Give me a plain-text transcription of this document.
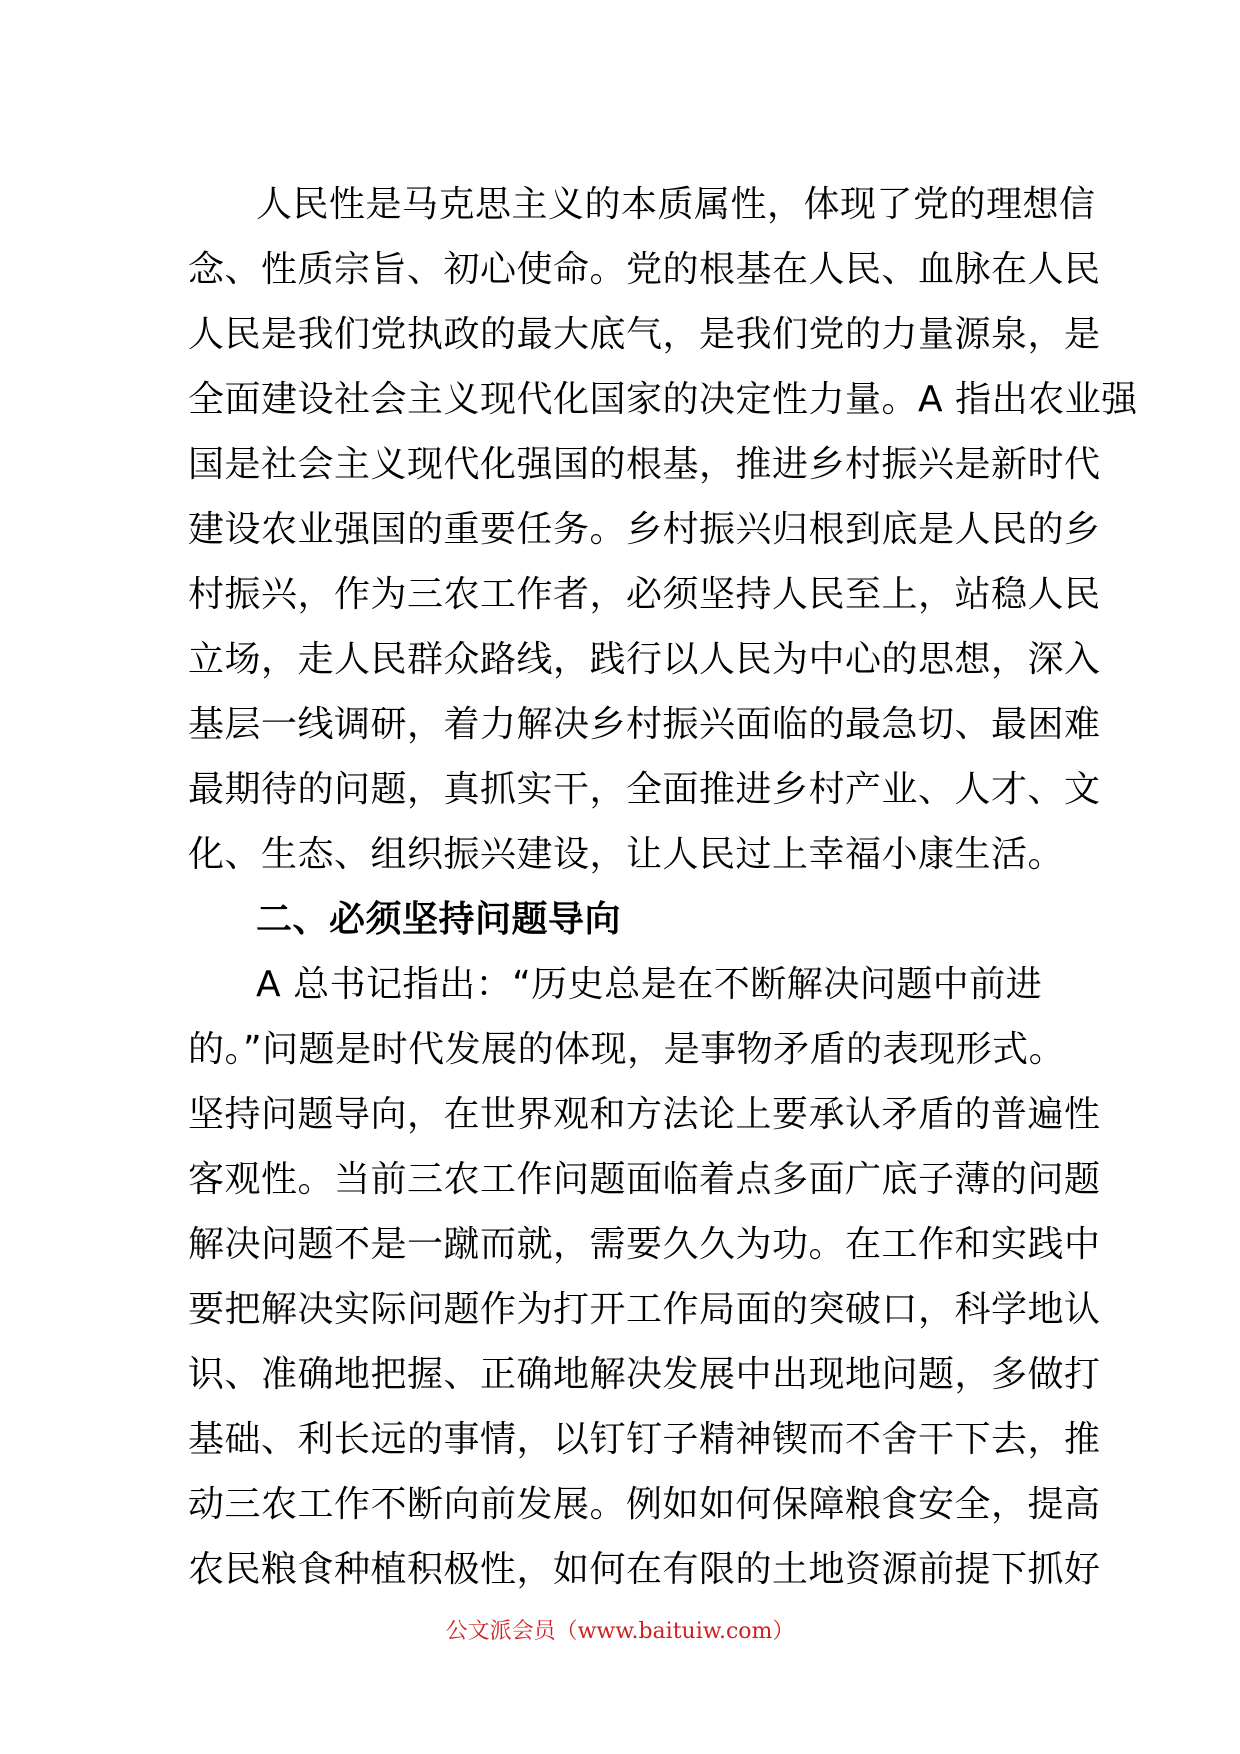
人民性是马克思主义的本质属性，体现了党的理想信
念、性质宗旨、初心使命。党的根基在人民、血脉在人民
人民是我们党执政的最大底气，是我们党的力量源泉，是
全面建设社会主义现代化国家的决定性力量。A 指出农业强
国是社会主义现代化强国的根基，推进乡村振兴是新时代
建设农业强国的重要任务。乡村振兴归根到底是人民的乡
村振兴，作为三农工作者，必须坚持人民至上，站稳人民
立场，走人民群众路线，践行以人民为中心的思想，深入
基层一线调研，着力解决乡村振兴面临的最急切、最困难
最期待的问题，真抓实干，全面推进乡村产业、人才、文
化、生态、组织振兴建设，让人民过上幸福小康生活。
二、必须坚持问题导向
A 总书记指出：“历史总是在不断解决问题中前进
的。”问题是时代发展的体现，是事物矛盾的表现形式。
坚持问题导向，在世界观和方法论上要承认矛盾的普遍性
客观性。当前三农工作问题面临着点多面广底子薄的问题
解决问题不是一蹴而就，需要久久为功。在工作和实践中
要把解决实际问题作为打开工作局面的突破口，科学地认
识、准确地把握、正确地解决发展中出现地问题，多做打
基础、利长远的事情，以钉钉子精神锲而不舍干下去，推
动三农工作不断向前发展。例如如何保障粮食安全，提高
农民粮食种植积极性，如何在有限的土地资源前提下抓好
公文派会员（www.baituiw.com）
